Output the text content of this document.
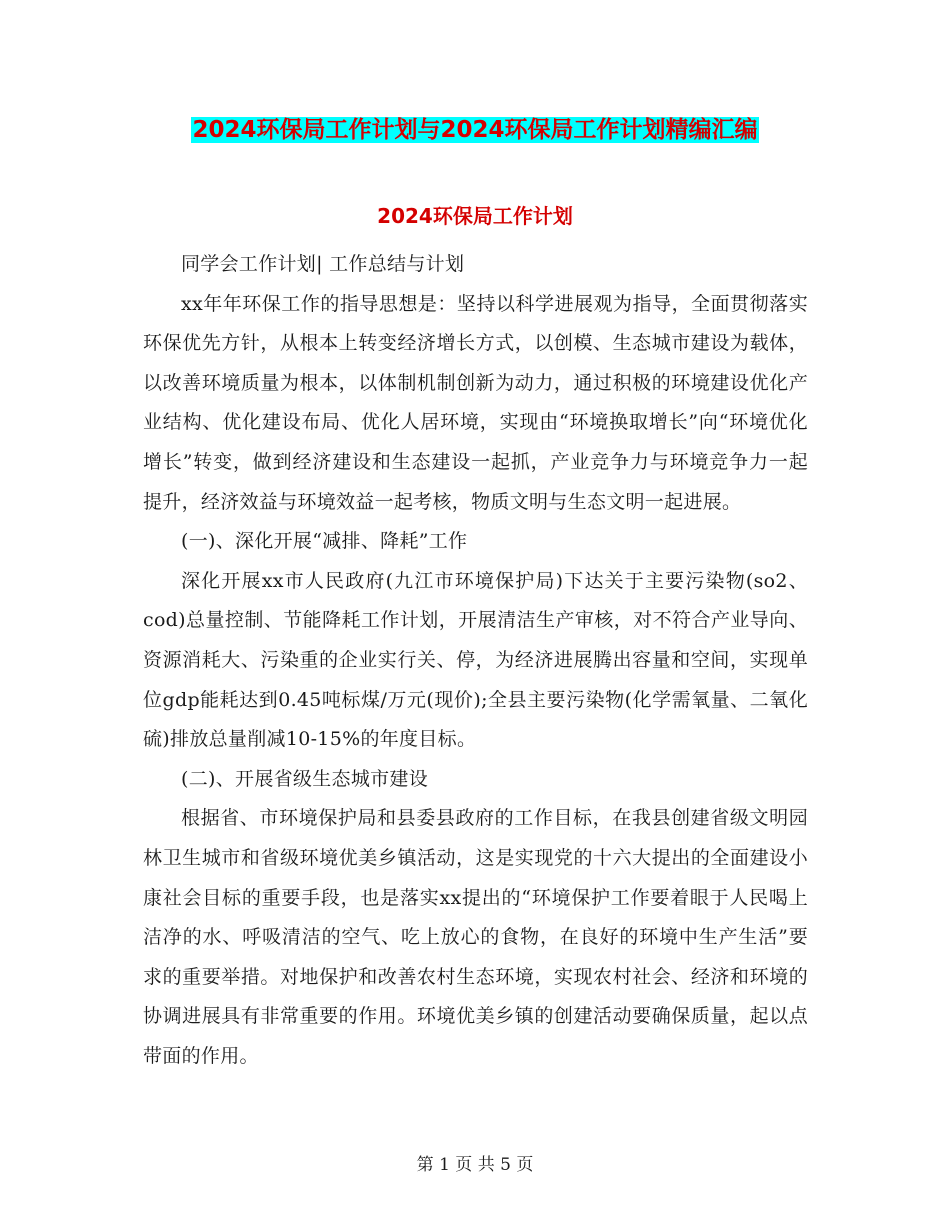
2024环保局工作计划与2024环保局工作计划精编汇编
2024环保局工作计划

同学会工作计划| 工作总结与计划

xx年年环保工作的指导思想是：坚持以科学进展观为指导，全面贯彻落实环保优先方针，从根本上转变经济增长方式，以创模、生态城市建设为载体，以改善环境质量为根本，以体制机制创新为动力，通过积极的环境建设优化产业结构、优化建设布局、优化人居环境，实现由“环境换取增长”向“环境优化增长”转变，做到经济建设和生态建设一起抓，产业竞争力与环境竞争力一起提升，经济效益与环境效益一起考核，物质文明与生态文明一起进展。

(一)、深化开展“减排、降耗”工作

深化开展xx市人民政府(九江市环境保护局)下达关于主要污染物(so2、cod)总量控制、节能降耗工作计划，开展清洁生产审核，对不符合产业导向、资源消耗大、污染重的企业实行关、停，为经济进展腾出容量和空间，实现单位gdp能耗达到0.45吨标煤/万元(现价);全县主要污染物(化学需氧量、二氧化硫)排放总量削减10-15%的年度目标。

(二)、开展省级生态城市建设

根据省、市环境保护局和县委县政府的工作目标，在我县创建省级文明园林卫生城市和省级环境优美乡镇活动，这是实现党的十六大提出的全面建设小康社会目标的重要手段，也是落实xx提出的“环境保护工作要着眼于人民喝上洁净的水、呼吸清洁的空气、吃上放心的食物，在良好的环境中生产生活”要求的重要举措。对地保护和改善农村生态环境，实现农村社会、经济和环境的协调进展具有非常重要的作用。环境优美乡镇的创建活动要确保质量，起以点带面的作用。

第 1 页 共 5 页
